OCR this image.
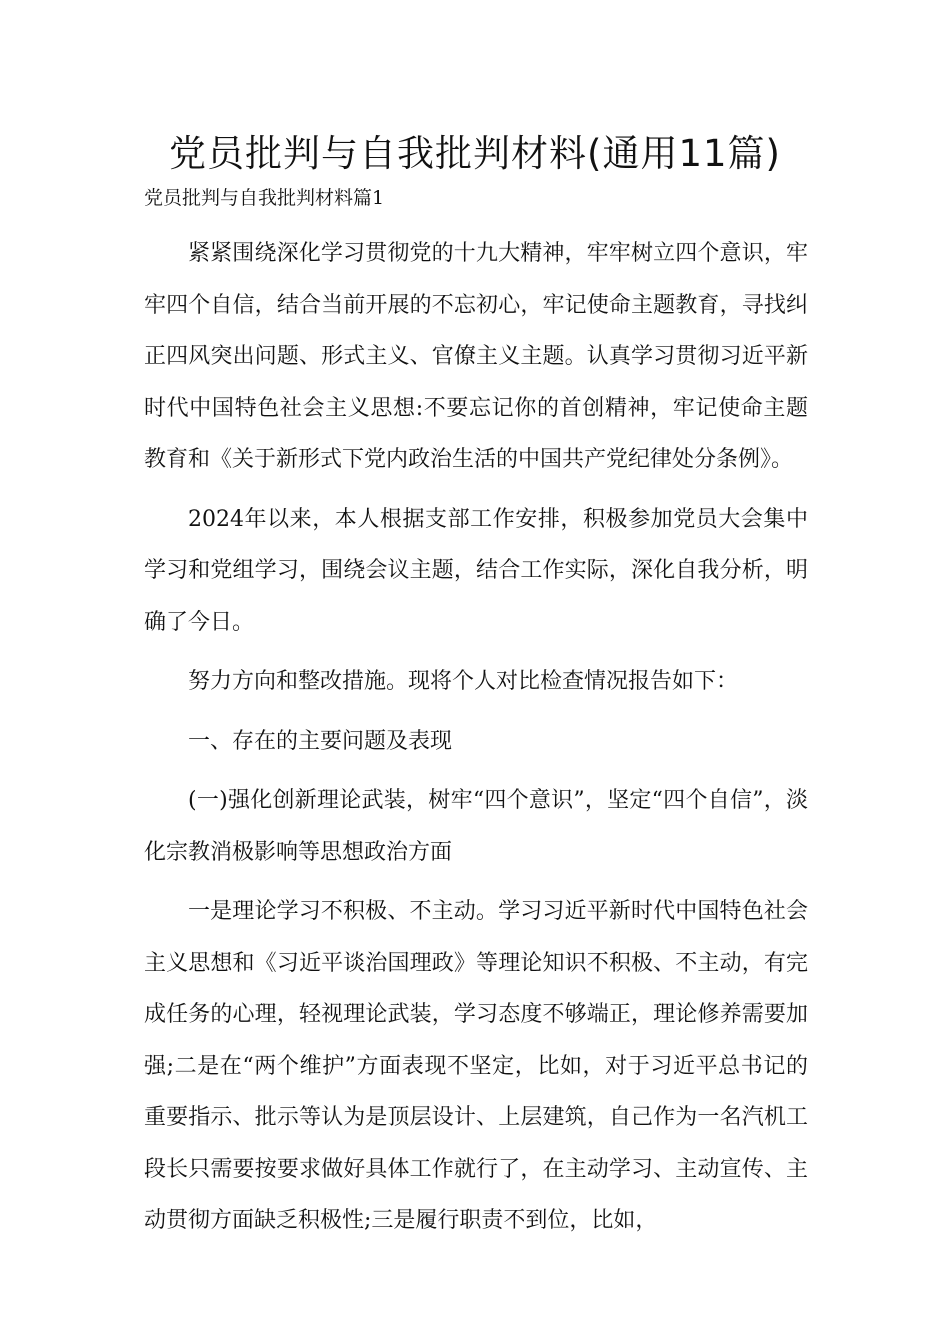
党员批判与自我批判材料(通用11篇)
党员批判与自我批判材料篇1

紧紧围绕深化学习贯彻党的十九大精神，牢牢树立四个意识，牢牢四个自信，结合当前开展的不忘初心，牢记使命主题教育，寻找纠正四风突出问题、形式主义、官僚主义主题。认真学习贯彻习近平新时代中国特色社会主义思想:不要忘记你的首创精神，牢记使命主题教育和《关于新形式下党内政治生活的中国共产党纪律处分条例》。

2024年以来，本人根据支部工作安排，积极参加党员大会集中学习和党组学习，围绕会议主题，结合工作实际，深化自我分析，明确了今日。

努力方向和整改措施。现将个人对比检查情况报告如下：

一、存在的主要问题及表现

(一)强化创新理论武装，树牢“四个意识”，坚定“四个自信”，淡化宗教消极影响等思想政治方面

一是理论学习不积极、不主动。学习习近平新时代中国特色社会主义思想和《习近平谈治国理政》等理论知识不积极、不主动，有完成任务的心理，轻视理论武装，学习态度不够端正，理论修养需要加强;二是在“两个维护”方面表现不坚定，比如，对于习近平总书记的重要指示、批示等认为是顶层设计、上层建筑，自己作为一名汽机工段长只需要按要求做好具体工作就行了，在主动学习、主动宣传、主动贯彻方面缺乏积极性;三是履行职责不到位，比如，
